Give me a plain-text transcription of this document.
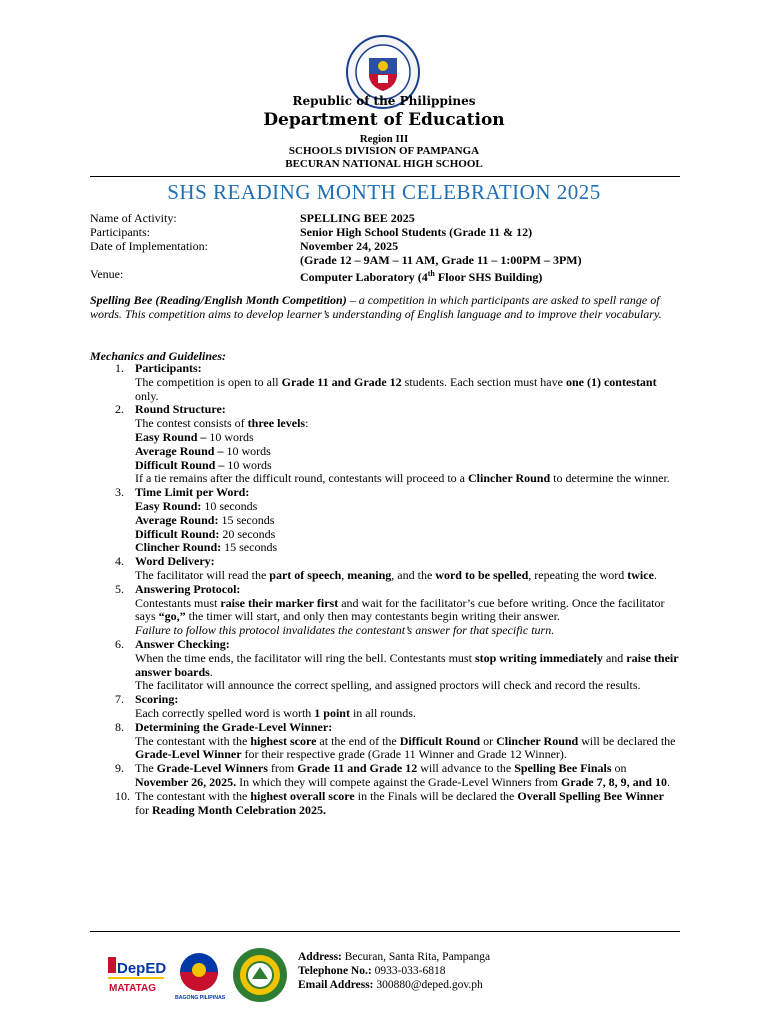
Republic of the Philippines
Department of Education
Region III
SCHOOLS DIVISION OF PAMPANGA
BECURAN NATIONAL HIGH SCHOOL
SHS READING MONTH CELEBRATION 2025
Name of Activity:	SPELLING BEE 2025
Participants:	Senior High School Students (Grade 11 & 12)
Date of Implementation:	November 24, 2025
(Grade 12 – 9AM – 11 AM, Grade 11 – 1:00PM – 3PM)
Venue:	Computer Laboratory (4th Floor SHS Building)
Spelling Bee (Reading/English Month Competition) – a competition in which participants are asked to spell range of words. This competition aims to develop learner’s understanding of English language and to improve their vocabulary.
Mechanics and Guidelines:
1. Participants:
The competition is open to all Grade 11 and Grade 12 students. Each section must have one (1) contestant only.
2. Round Structure:
The contest consists of three levels:
Easy Round – 10 words
Average Round – 10 words
Difficult Round – 10 words
If a tie remains after the difficult round, contestants will proceed to a Clincher Round to determine the winner.
3. Time Limit per Word:
Easy Round: 10 seconds
Average Round: 15 seconds
Difficult Round: 20 seconds
Clincher Round: 15 seconds
4. Word Delivery:
The facilitator will read the part of speech, meaning, and the word to be spelled, repeating the word twice.
5. Answering Protocol:
Contestants must raise their marker first and wait for the facilitator’s cue before writing. Once the facilitator says “go,” the timer will start, and only then may contestants begin writing their answer.
Failure to follow this protocol invalidates the contestant’s answer for that specific turn.
6. Answer Checking:
When the time ends, the facilitator will ring the bell. Contestants must stop writing immediately and raise their answer boards.
The facilitator will announce the correct spelling, and assigned proctors will check and record the results.
7. Scoring:
Each correctly spelled word is worth 1 point in all rounds.
8. Determining the Grade-Level Winner:
The contestant with the highest score at the end of the Difficult Round or Clincher Round will be declared the Grade-Level Winner for their respective grade (Grade 11 Winner and Grade 12 Winner).
9. The Grade-Level Winners from Grade 11 and Grade 12 will advance to the Spelling Bee Finals on November 26, 2025. In which they will compete against the Grade-Level Winners from Grade 7, 8, 9, and 10.
10. The contestant with the highest overall score in the Finals will be declared the Overall Spelling Bee Winner for Reading Month Celebration 2025.
DepED
MATATAG
BAGONG PILIPINAS
Address: Becuran, Santa Rita, Pampanga
Telephone No.: 0933-033-6818
Email Address: 300880@deped.gov.ph
